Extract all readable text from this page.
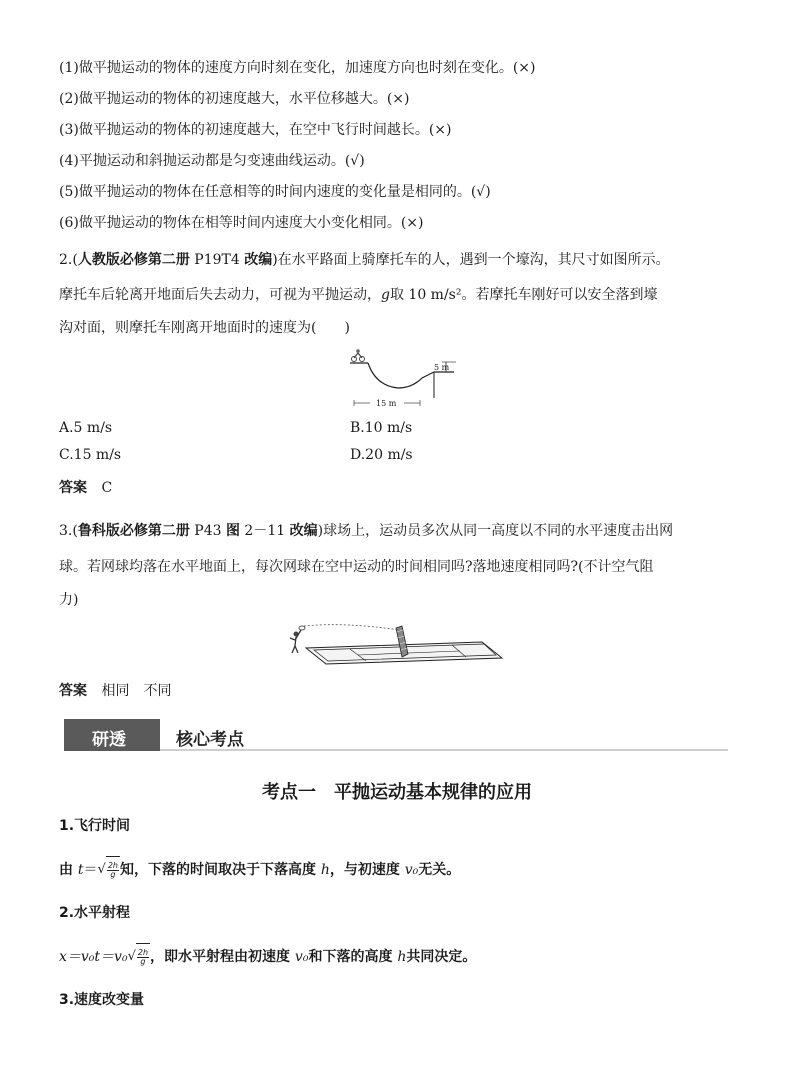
(1)做平抛运动的物体的速度方向时刻在变化，加速度方向也时刻在变化。(×)
(2)做平抛运动的物体的初速度越大，水平位移越大。(×)
(3)做平抛运动的物体的初速度越大，在空中飞行时间越长。(×)
(4)平抛运动和斜抛运动都是匀变速曲线运动。(√)
(5)做平抛运动的物体在任意相等的时间内速度的变化量是相同的。(√)
(6)做平抛运动的物体在相等时间内速度大小变化相同。(×)
2.(人教版必修第二册 P19T4 改编)在水平路面上骑摩托车的人，遇到一个壕沟，其尺寸如图所示。
摩托车后轮离开地面后失去动力，可视为平抛运动，g取 10 m/s²。若摩托车刚好可以安全落到壕
沟对面，则摩托车刚离开地面时的速度为(　　)
5 m
15 m
A.5 m/s	B.10 m/s
C.15 m/s	D.20 m/s
答案 C
3.(鲁科版必修第二册 P43 图 2－11 改编)球场上，运动员多次从同一高度以不同的水平速度击出网
球。若网球均落在水平地面上，每次网球在空中运动的时间相同吗?落地速度相同吗?(不计空气阻
力)
答案 相同　不同
研透	核心考点
考点一　平抛运动基本规律的应用
1.飞行时间
由 $t=√ \frac{2h}{g}$ 知，下落的时间取决于下落高度 h，与初速度 v₀无关。
2.水平射程
$x=v_0t=v_0√ \frac{2h}{g}$ ，即水平射程由初速度 v₀和下落的高度 h共同决定。
3.速度改变量
